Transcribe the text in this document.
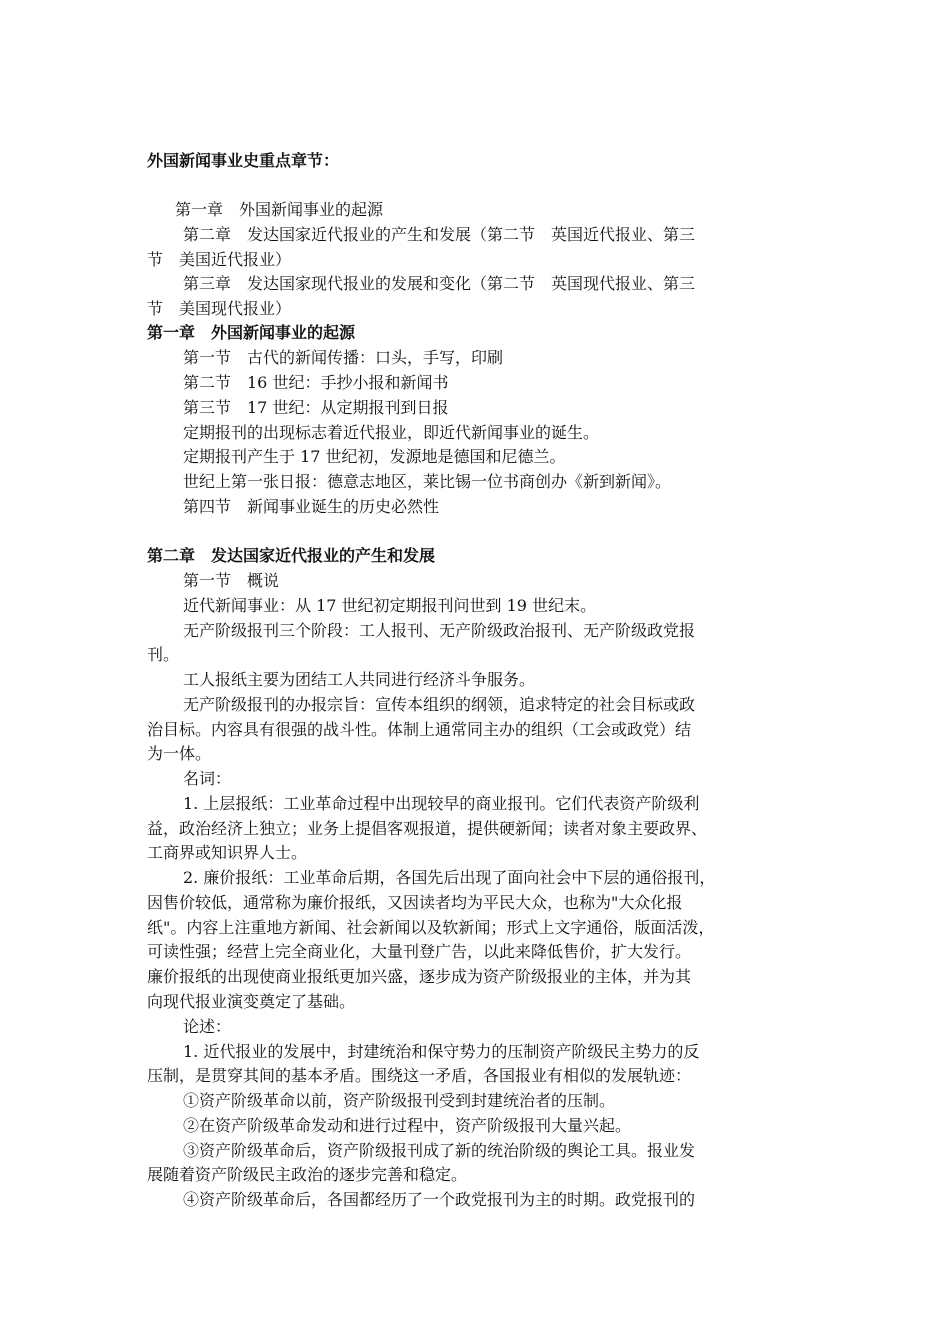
外国新闻事业史重点章节：
第一章　外国新闻事业的起源
第二章　发达国家近代报业的产生和发展（第二节　英国近代报业、第三
节　美国近代报业）
第三章　发达国家现代报业的发展和变化（第二节　英国现代报业、第三
节　美国现代报业）
第一章　外国新闻事业的起源
第一节　古代的新闻传播：口头，手写，印刷
第二节　16 世纪：手抄小报和新闻书
第三节　17 世纪：从定期报刊到日报
定期报刊的出现标志着近代报业，即近代新闻事业的诞生。
定期报刊产生于 17 世纪初，发源地是德国和尼德兰。
世纪上第一张日报：德意志地区，莱比锡一位书商创办《新到新闻》。
第四节　新闻事业诞生的历史必然性
第二章　发达国家近代报业的产生和发展
第一节　概说
近代新闻事业：从 17 世纪初定期报刊问世到 19 世纪末。
无产阶级报刊三个阶段：工人报刊、无产阶级政治报刊、无产阶级政党报
刊。
工人报纸主要为团结工人共同进行经济斗争服务。
无产阶级报刊的办报宗旨：宣传本组织的纲领，追求特定的社会目标或政
治目标。内容具有很强的战斗性。体制上通常同主办的组织（工会或政党）结
为一体。
名词：
1. 上层报纸：工业革命过程中出现较早的商业报刊。它们代表资产阶级利
益，政治经济上独立；业务上提倡客观报道，提供硬新闻；读者对象主要政界、
工商界或知识界人士。
2. 廉价报纸：工业革命后期，各国先后出现了面向社会中下层的通俗报刊，
因售价较低，通常称为廉价报纸，又因读者均为平民大众，也称为"大众化报
纸"。内容上注重地方新闻、社会新闻以及软新闻；形式上文字通俗，版面活泼，
可读性强；经营上完全商业化，大量刊登广告，以此来降低售价，扩大发行。
廉价报纸的出现使商业报纸更加兴盛，逐步成为资产阶级报业的主体，并为其
向现代报业演变奠定了基础。
论述：
1. 近代报业的发展中，封建统治和保守势力的压制资产阶级民主势力的反
压制，是贯穿其间的基本矛盾。围绕这一矛盾，各国报业有相似的发展轨迹：
①资产阶级革命以前，资产阶级报刊受到封建统治者的压制。
②在资产阶级革命发动和进行过程中，资产阶级报刊大量兴起。
③资产阶级革命后，资产阶级报刊成了新的统治阶级的舆论工具。报业发
展随着资产阶级民主政治的逐步完善和稳定。
④资产阶级革命后，各国都经历了一个政党报刊为主的时期。政党报刊的
